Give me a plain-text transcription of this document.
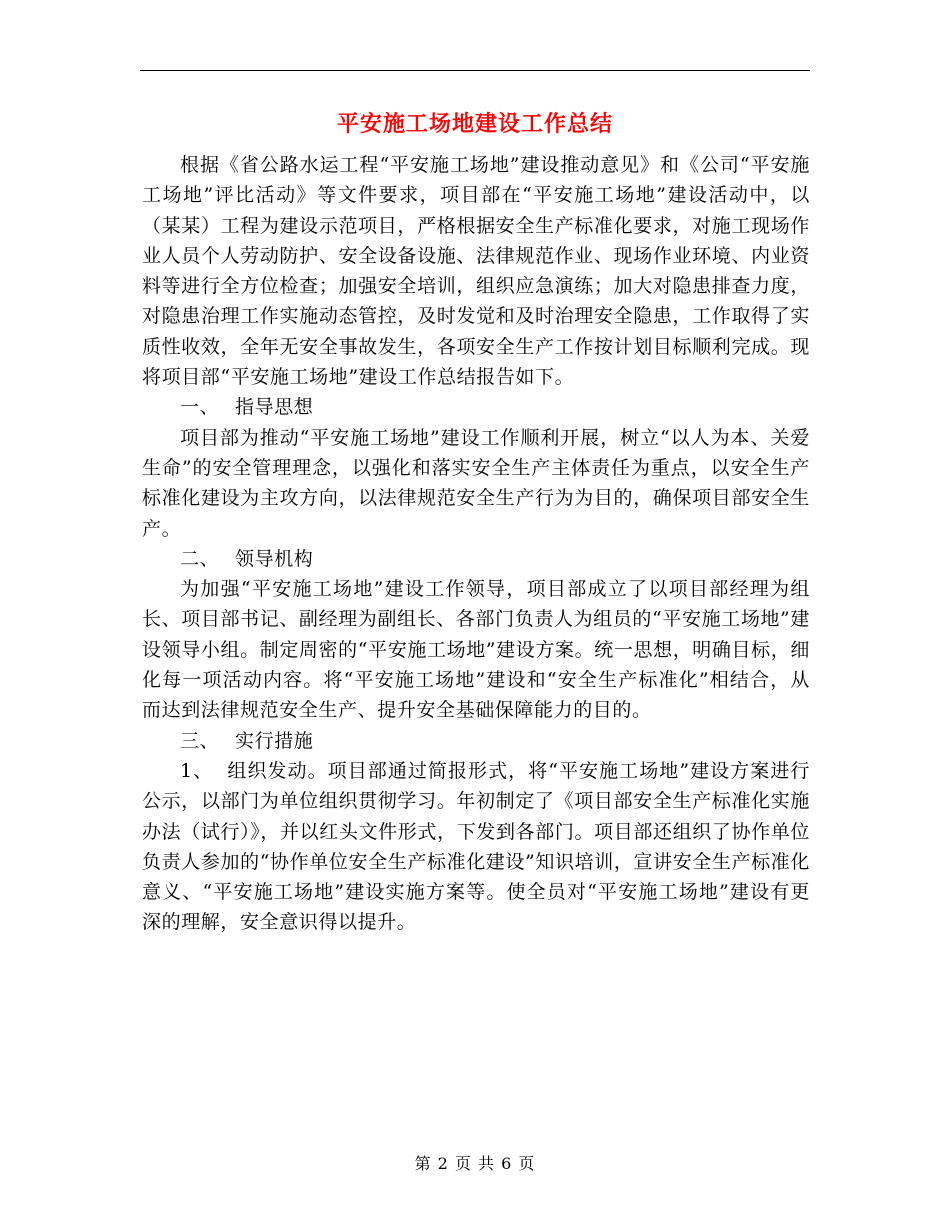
平安施工场地建设工作总结

根据《省公路水运工程“平安施工场地”建设推动意见》和《公司“平安施工场地”评比活动》等文件要求，项目部在“平安施工场地”建设活动中，以（某某）工程为建设示范项目，严格根据安全生产标准化要求，对施工现场作业人员个人劳动防护、安全设备设施、法律规范作业、现场作业环境、内业资料等进行全方位检查；加强安全培训，组织应急演练；加大对隐患排查力度，对隐患治理工作实施动态管控，及时发觉和及时治理安全隐患，工作取得了实质性收效，全年无安全事故发生，各项安全生产工作按计划目标顺利完成。现将项目部“平安施工场地”建设工作总结报告如下。

一、 指导思想

项目部为推动“平安施工场地”建设工作顺利开展，树立“以人为本、关爱生命”的安全管理理念，以强化和落实安全生产主体责任为重点，以安全生产标准化建设为主攻方向，以法律规范安全生产行为为目的，确保项目部安全生产。

二、 领导机构

为加强“平安施工场地”建设工作领导，项目部成立了以项目部经理为组长、项目部书记、副经理为副组长、各部门负责人为组员的“平安施工场地”建设领导小组。制定周密的“平安施工场地”建设方案。统一思想，明确目标，细化每一项活动内容。将“平安施工场地”建设和“安全生产标准化”相结合，从而达到法律规范安全生产、提升安全基础保障能力的目的。

三、 实行措施

1、 组织发动。项目部通过简报形式，将“平安施工场地”建设方案进行公示，以部门为单位组织贯彻学习。年初制定了《项目部安全生产标准化实施办法（试行）》，并以红头文件形式，下发到各部门。项目部还组织了协作单位负责人参加的“协作单位安全生产标准化建设”知识培训，宣讲安全生产标准化意义、“平安施工场地”建设实施方案等。使全员对“平安施工场地”建设有更深的理解，安全意识得以提升。

第 2 页 共 6 页
